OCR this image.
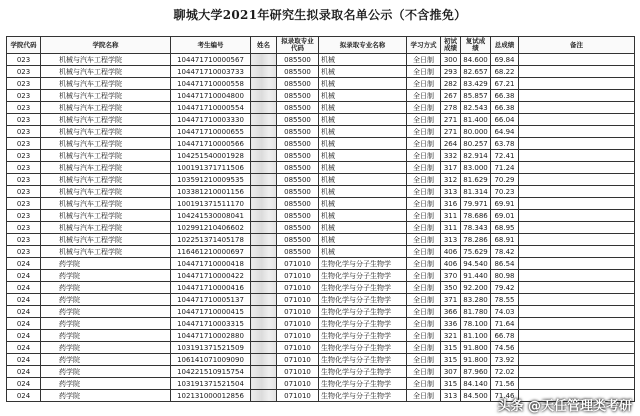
聊城大学2021年研究生拟录取名单公示（不含推免）
学院代码	学院名称	考生编号	姓名	拟录取专业代码	拟录取专业名称	学习方式	初试成绩	复试成绩	总成绩	备注
023	机械与汽车工程学院	104471710000567		085500	机械	全日制	300	84.600	69.84	
023	机械与汽车工程学院	104471710003733		085500	机械	全日制	293	82.657	68.22	
023	机械与汽车工程学院	104471710000558		085500	机械	全日制	282	83.429	67.21	
023	机械与汽车工程学院	104471710004800		085500	机械	全日制	267	85.857	66.38	
023	机械与汽车工程学院	104471710000554		085500	机械	全日制	278	82.543	66.38	
023	机械与汽车工程学院	104471710003330		085500	机械	全日制	271	81.400	66.04	
023	机械与汽车工程学院	104471710000655		085500	机械	全日制	271	80.000	64.94	
023	机械与汽车工程学院	104471710000566		085500	机械	全日制	264	80.257	63.78	
023	机械与汽车工程学院	104251540001928		085500	机械	全日制	332	82.914	72.41	
023	机械与汽车工程学院	100191371711506		085500	机械	全日制	317	83.000	71.24	
023	机械与汽车工程学院	103591210009535		085500	机械	全日制	312	81.629	70.29	
023	机械与汽车工程学院	103381210001156		085500	机械	全日制	313	81.314	70.23	
023	机械与汽车工程学院	100191371511170		085500	机械	全日制	316	79.971	69.91	
023	机械与汽车工程学院	104241530008041		085500	机械	全日制	311	78.686	69.01	
023	机械与汽车工程学院	102991210406602		085500	机械	全日制	311	78.343	68.95	
023	机械与汽车工程学院	102251371405178		085500	机械	全日制	313	78.286	68.91	
023	机械与汽车工程学院	116461210000697		085500	机械	全日制	406	75.629	78.42	
024	药学院	104471710000418		071010	生物化学与分子生物学	全日制	406	94.540	86.54	
024	药学院	104471710000422		071010	生物化学与分子生物学	全日制	370	91.440	80.98	
024	药学院	104471710000416		071010	生物化学与分子生物学	全日制	350	92.200	79.42	
024	药学院	104471710005137		071010	生物化学与分子生物学	全日制	371	83.280	78.55	
024	药学院	104471710000415		071010	生物化学与分子生物学	全日制	366	81.780	74.03	
024	药学院	104471710003315		071010	生物化学与分子生物学	全日制	336	78.100	71.64	
024	药学院	104471710002880		071010	生物化学与分子生物学	全日制	321	81.100	66.78	
024	药学院	103191371521509		071010	生物化学与分子生物学	全日制	315	91.800	74.56	
024	药学院	106141071009090		071010	生物化学与分子生物学	全日制	315	91.800	73.92	
024	药学院	104221510915754		071010	生物化学与分子生物学	全日制	307	87.960	72.02	
024	药学院	103191371521504		071010	生物化学与分子生物学	全日制	315	84.140	71.56	
024	药学院	102131000012856		071010	生物化学与分子生物学	全日制	313	84.500	71.46	
头条 @天任管理类考研
